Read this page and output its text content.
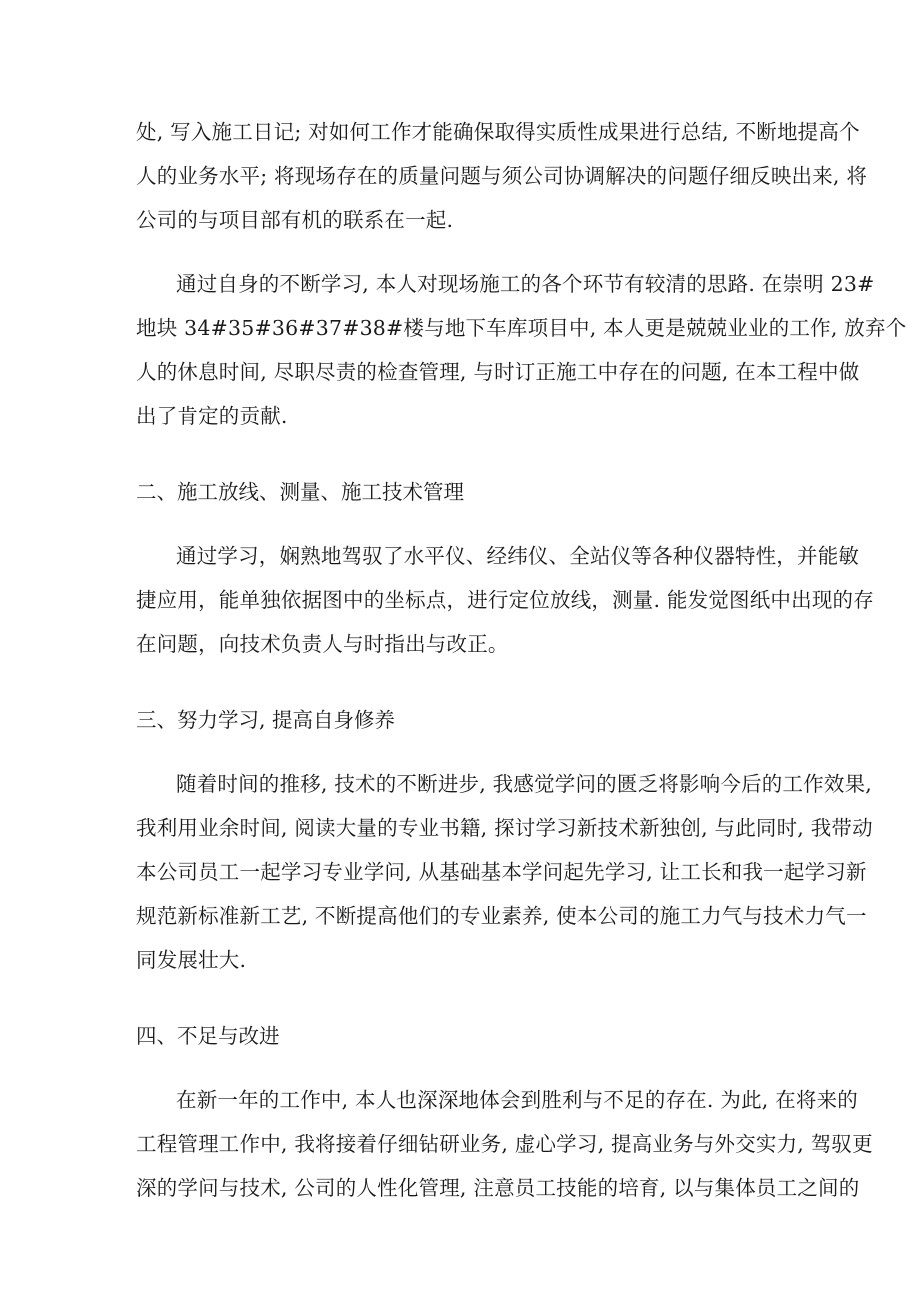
处, 写入施工日记; 对如何工作才能确保取得实质性成果进行总结, 不断地提高个
人的业务水平; 将现场存在的质量问题与须公司协调解决的问题仔细反映出来, 将
公司的与项目部有机的联系在一起.
通过自身的不断学习, 本人对现场施工的各个环节有较清的思路. 在崇明 23#
地块 34#35#36#37#38#楼与地下车库项目中, 本人更是兢兢业业的工作, 放弃个
人的休息时间, 尽职尽责的检查管理, 与时订正施工中存在的问题, 在本工程中做
出了肯定的贡献.
二、施工放线、测量、施工技术管理
通过学习，娴熟地驾驭了水平仪、经纬仪、全站仪等各种仪器特性，并能敏
捷应用，能单独依据图中的坐标点，进行定位放线，测量. 能发觉图纸中出现的存
在问题，向技术负责人与时指出与改正。
三、努力学习, 提高自身修养
随着时间的推移, 技术的不断进步, 我感觉学问的匮乏将影响今后的工作效果,
我利用业余时间, 阅读大量的专业书籍, 探讨学习新技术新独创, 与此同时, 我带动
本公司员工一起学习专业学问, 从基础基本学问起先学习, 让工长和我一起学习新
规范新标准新工艺, 不断提高他们的专业素养, 使本公司的施工力气与技术力气一
同发展壮大.
四、不足与改进
在新一年的工作中, 本人也深深地体会到胜利与不足的存在. 为此, 在将来的
工程管理工作中, 我将接着仔细钻研业务, 虚心学习, 提高业务与外交实力, 驾驭更
深的学问与技术, 公司的人性化管理, 注意员工技能的培育, 以与集体员工之间的
